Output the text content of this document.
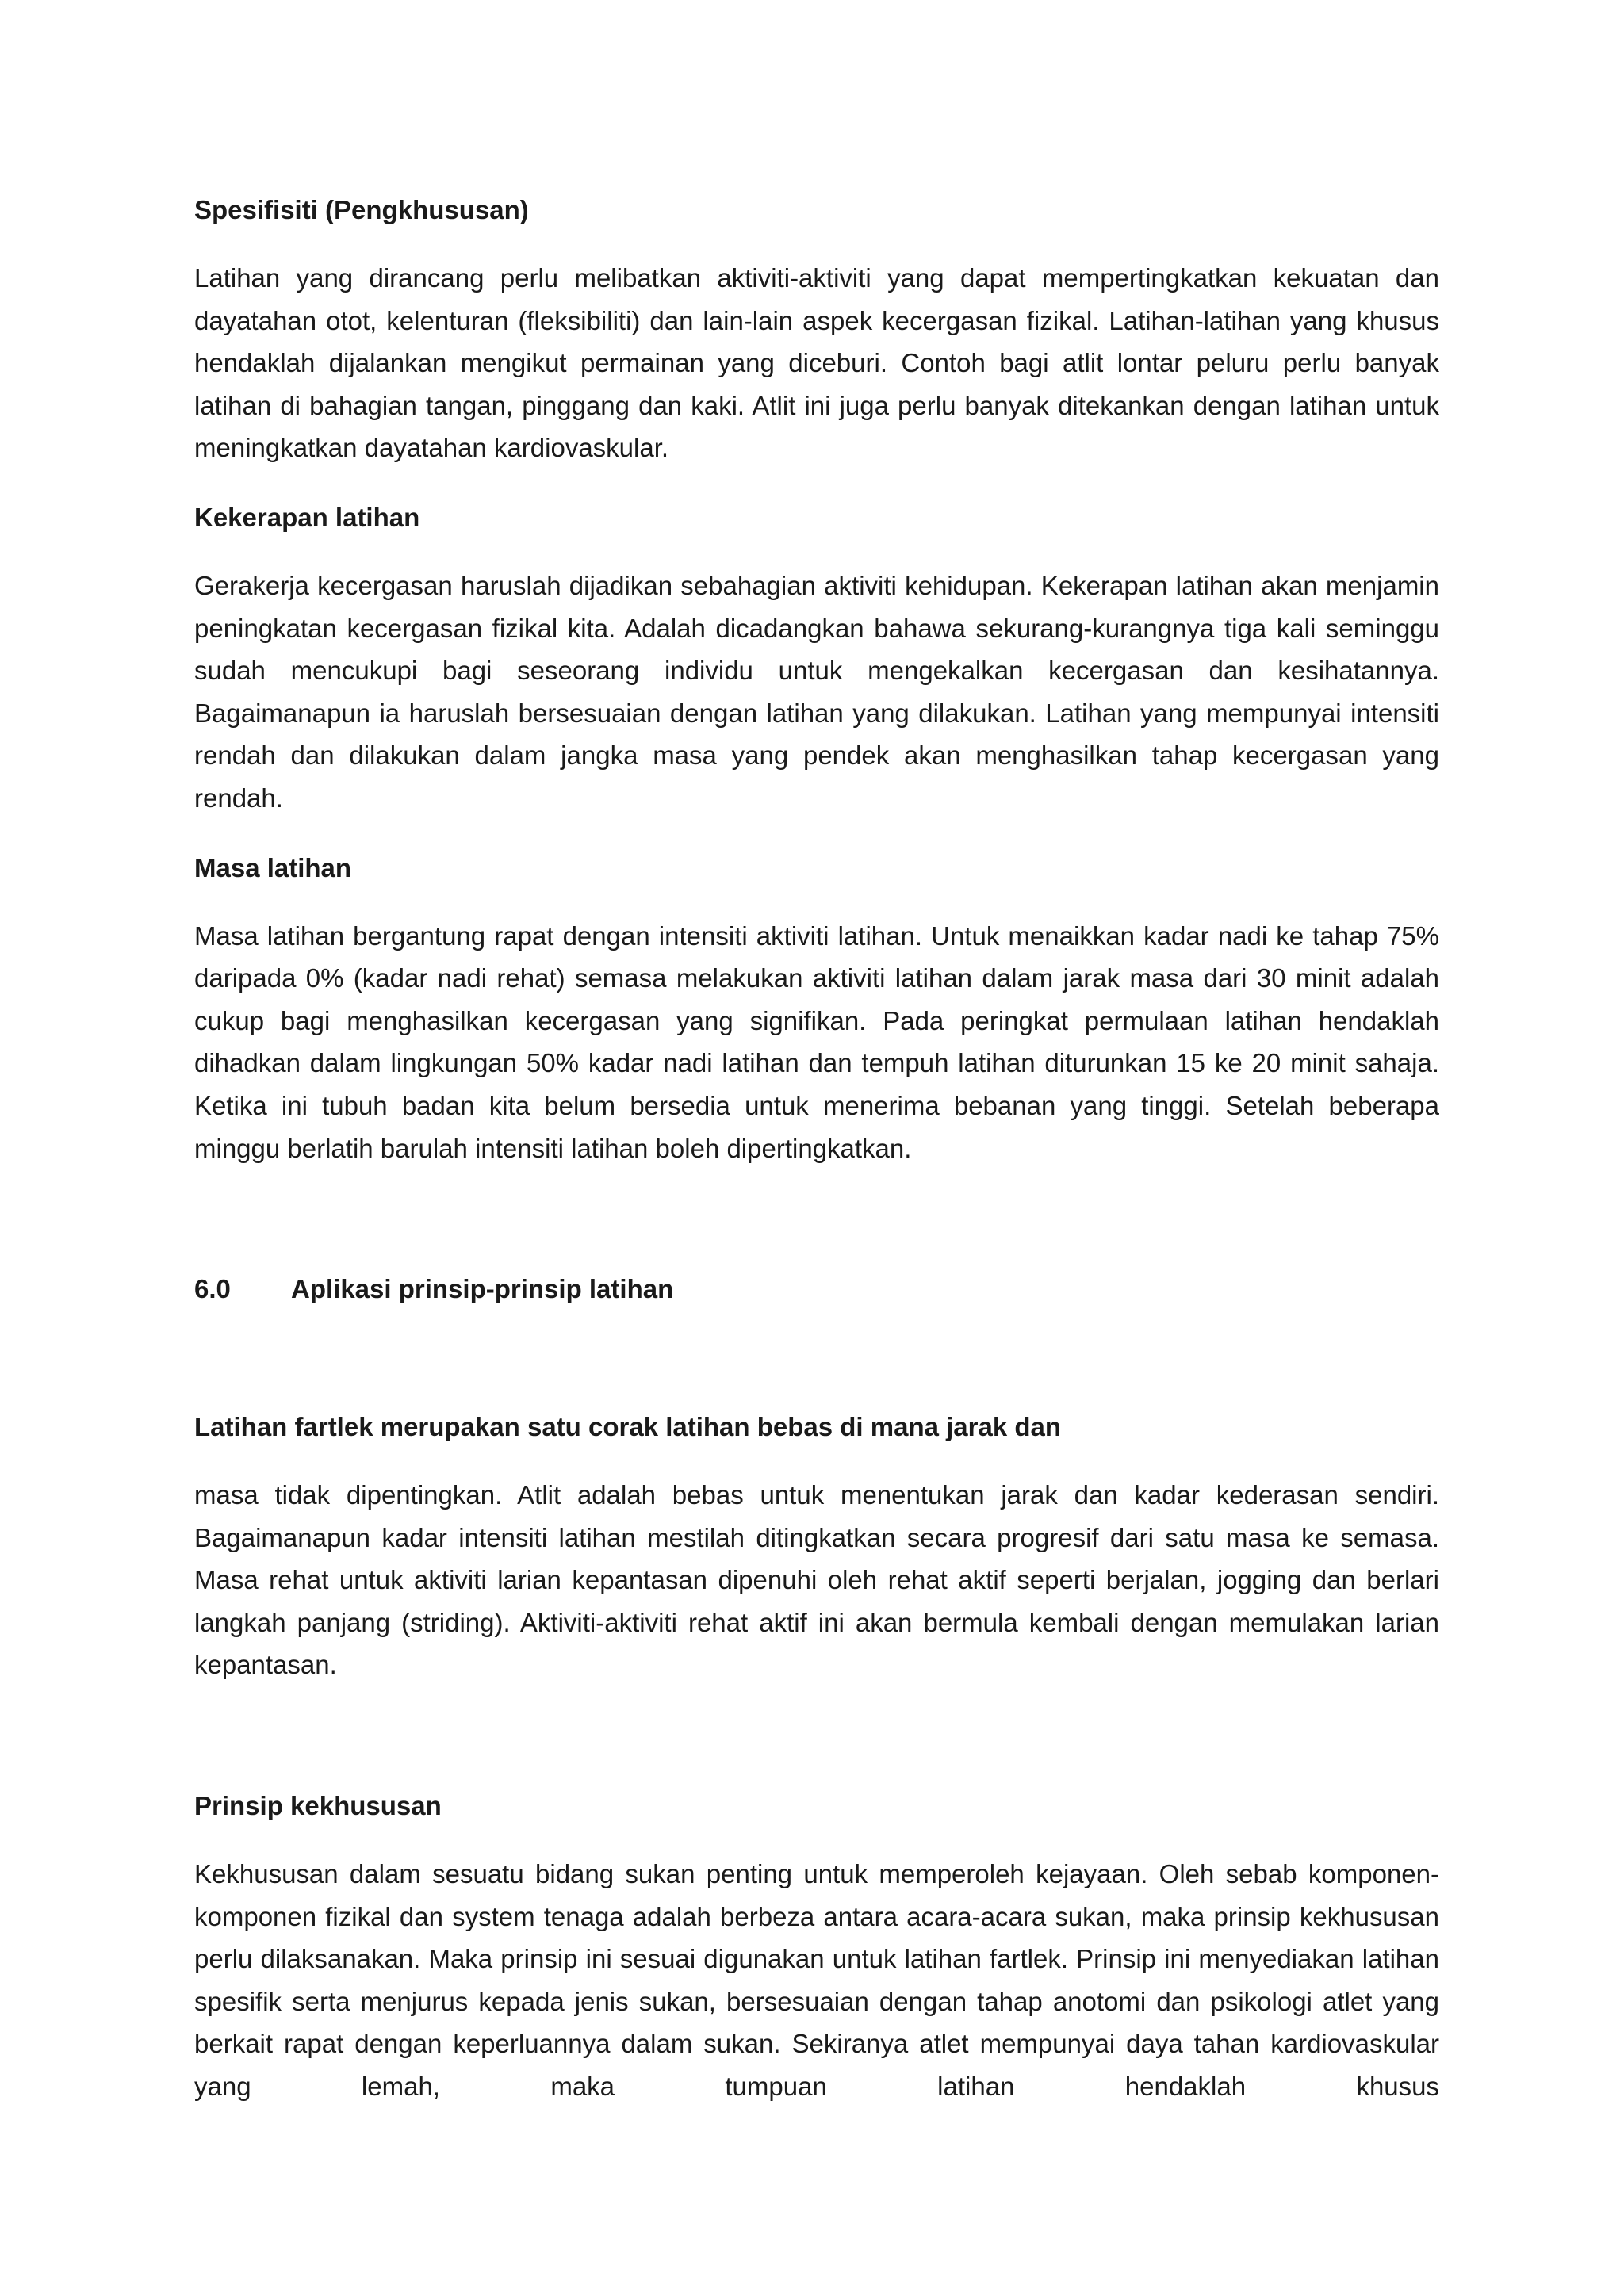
Spesifisiti (Pengkhususan)

Latihan yang dirancang perlu melibatkan aktiviti-aktiviti yang dapat mempertingkatkan kekuatan dan dayatahan otot, kelenturan (fleksibiliti) dan lain-lain aspek kecergasan fizikal. Latihan-latihan yang khusus hendaklah dijalankan mengikut permainan yang diceburi. Contoh bagi atlit lontar peluru perlu banyak latihan di bahagian tangan, pinggang dan kaki. Atlit ini juga perlu banyak ditekankan dengan latihan untuk meningkatkan dayatahan kardiovaskular.

Kekerapan latihan

Gerakerja kecergasan haruslah dijadikan sebahagian aktiviti kehidupan. Kekerapan latihan akan menjamin peningkatan kecergasan fizikal kita. Adalah dicadangkan bahawa sekurang-kurangnya tiga kali seminggu sudah mencukupi bagi seseorang individu untuk mengekalkan kecergasan dan kesihatannya. Bagaimanapun ia haruslah bersesuaian dengan latihan yang dilakukan. Latihan yang mempunyai intensiti rendah dan dilakukan dalam jangka masa yang pendek akan menghasilkan tahap kecergasan yang rendah.

Masa latihan

Masa latihan bergantung rapat dengan intensiti aktiviti latihan. Untuk menaikkan kadar nadi ke tahap 75% daripada 0% (kadar nadi rehat) semasa melakukan aktiviti latihan dalam jarak masa dari 30 minit adalah cukup bagi menghasilkan kecergasan yang signifikan. Pada peringkat permulaan latihan hendaklah dihadkan dalam lingkungan 50% kadar nadi latihan dan tempuh latihan diturunkan 15 ke 20 minit sahaja. Ketika ini tubuh badan kita belum bersedia untuk menerima bebanan yang tinggi. Setelah beberapa minggu berlatih barulah intensiti latihan boleh dipertingkatkan.

6.0	Aplikasi prinsip-prinsip latihan
Latihan fartlek merupakan satu corak latihan bebas di mana jarak dan

masa tidak dipentingkan. Atlit adalah bebas untuk menentukan jarak dan kadar kederasan sendiri. Bagaimanapun kadar intensiti latihan mestilah ditingkatkan secara progresif dari satu masa ke semasa. Masa rehat untuk aktiviti larian kepantasan dipenuhi oleh rehat aktif seperti berjalan, jogging dan berlari langkah panjang (striding). Aktiviti-aktiviti rehat aktif ini akan bermula kembali dengan memulakan larian kepantasan.

Prinsip kekhususan

Kekhususan dalam sesuatu bidang sukan penting untuk memperoleh kejayaan. Oleh sebab komponen-komponen fizikal dan system tenaga adalah berbeza antara acara-acara sukan, maka prinsip kekhususan perlu dilaksanakan. Maka prinsip ini sesuai digunakan untuk latihan fartlek. Prinsip ini menyediakan latihan spesifik serta menjurus kepada jenis sukan, bersesuaian dengan tahap anotomi dan psikologi atlet yang berkait rapat dengan keperluannya dalam sukan. Sekiranya atlet mempunyai daya tahan kardiovaskular yang lemah, maka tumpuan latihan hendaklah khusus
